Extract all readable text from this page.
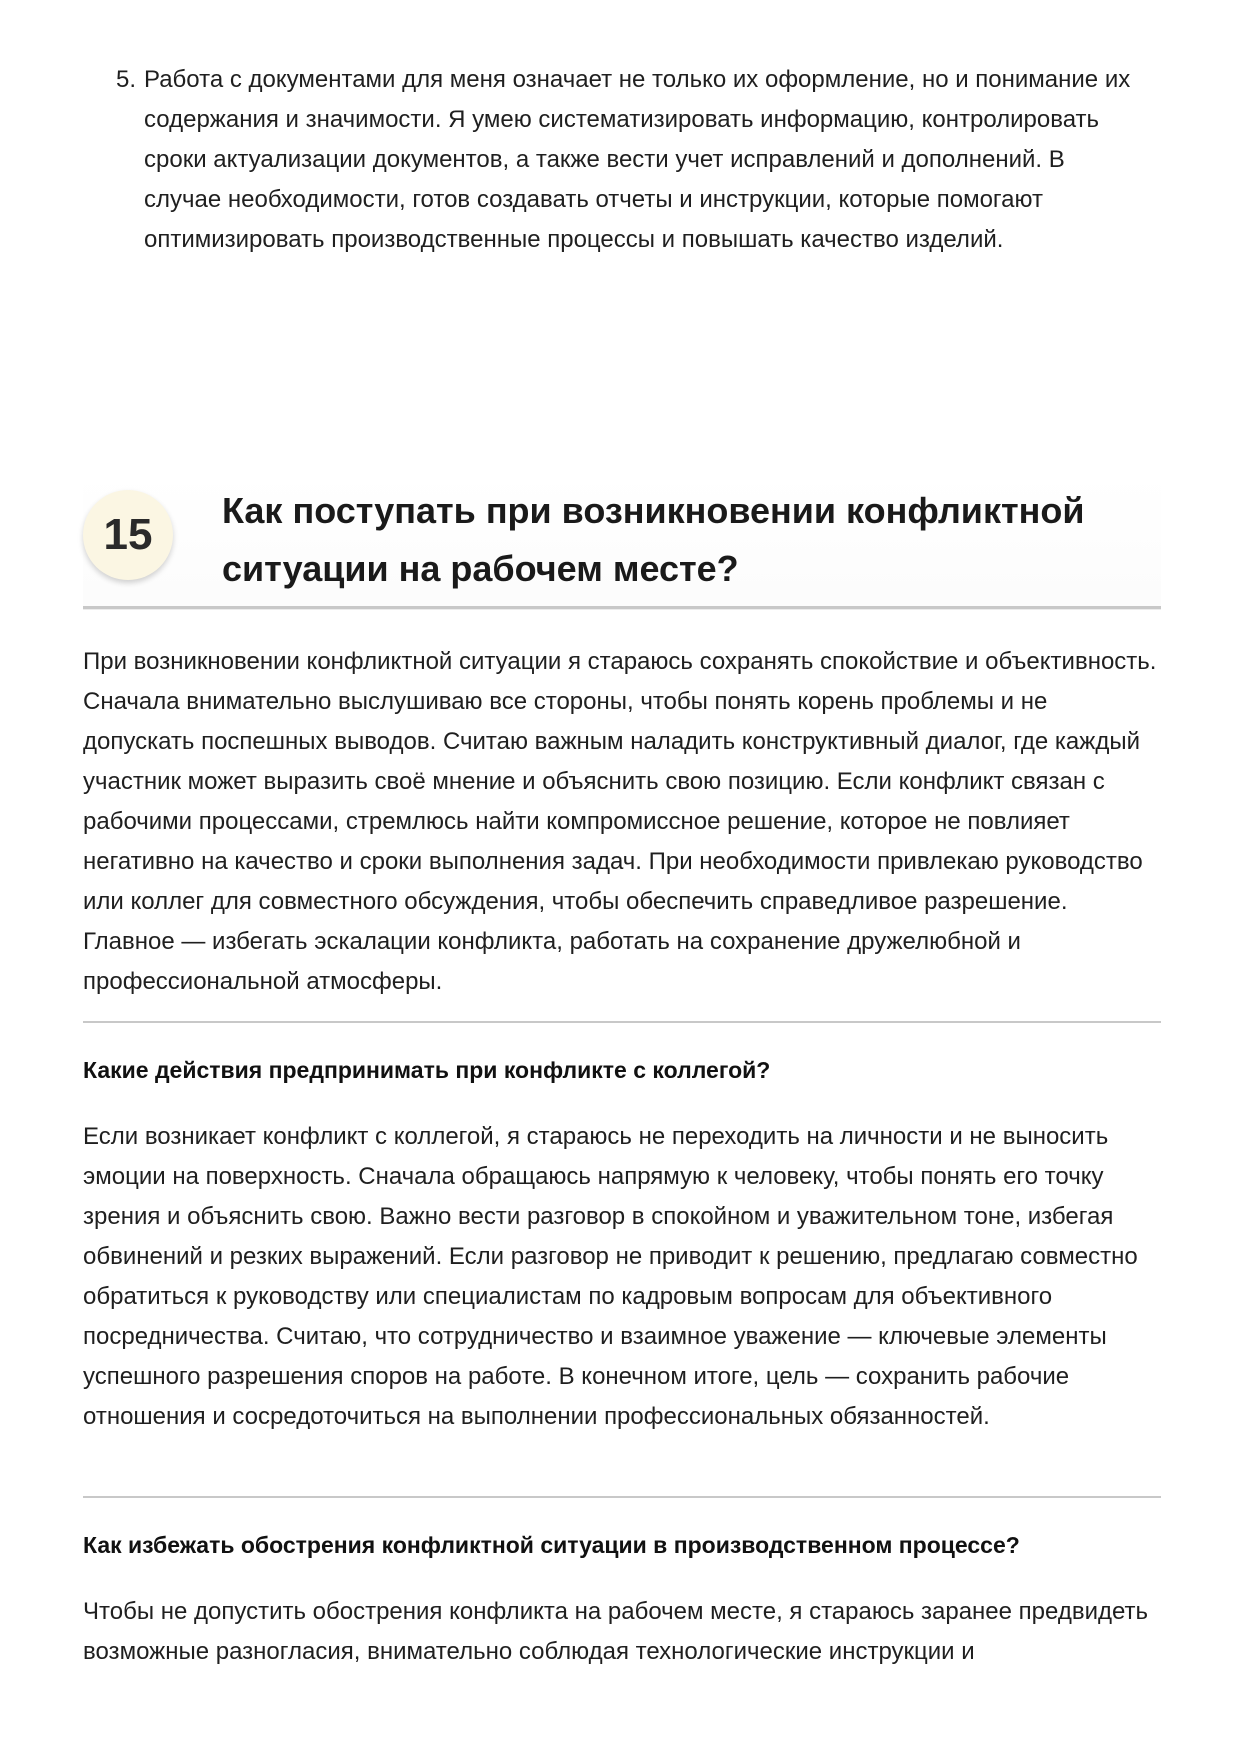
5. Работа с документами для меня означает не только их оформление, но и понимание их содержания и значимости. Я умею систематизировать информацию, контролировать сроки актуализации документов, а также вести учет исправлений и дополнений. В случае необходимости, готов создавать отчеты и инструкции, которые помогают оптимизировать производственные процессы и повышать качество изделий.
15	Как поступать при возникновении конфликтной ситуации на рабочем месте?
При возникновении конфликтной ситуации я стараюсь сохранять спокойствие и объективность. Сначала внимательно выслушиваю все стороны, чтобы понять корень проблемы и не допускать поспешных выводов. Считаю важным наладить конструктивный диалог, где каждый участник может выразить своё мнение и объяснить свою позицию. Если конфликт связан с рабочими процессами, стремлюсь найти компромиссное решение, которое не повлияет негативно на качество и сроки выполнения задач. При необходимости привлекаю руководство или коллег для совместного обсуждения, чтобы обеспечить справедливое разрешение. Главное — избегать эскалации конфликта, работать на сохранение дружелюбной и профессиональной атмосферы.
Какие действия предпринимать при конфликте с коллегой?
Если возникает конфликт с коллегой, я стараюсь не переходить на личности и не выносить эмоции на поверхность. Сначала обращаюсь напрямую к человеку, чтобы понять его точку зрения и объяснить свою. Важно вести разговор в спокойном и уважительном тоне, избегая обвинений и резких выражений. Если разговор не приводит к решению, предлагаю совместно обратиться к руководству или специалистам по кадровым вопросам для объективного посредничества. Считаю, что сотрудничество и взаимное уважение — ключевые элементы успешного разрешения споров на работе. В конечном итоге, цель — сохранить рабочие отношения и сосредоточиться на выполнении профессиональных обязанностей.
Как избежать обострения конфликтной ситуации в производственном процессе?
Чтобы не допустить обострения конфликта на рабочем месте, я стараюсь заранее предвидеть возможные разногласия, внимательно соблюдая технологические инструкции и
